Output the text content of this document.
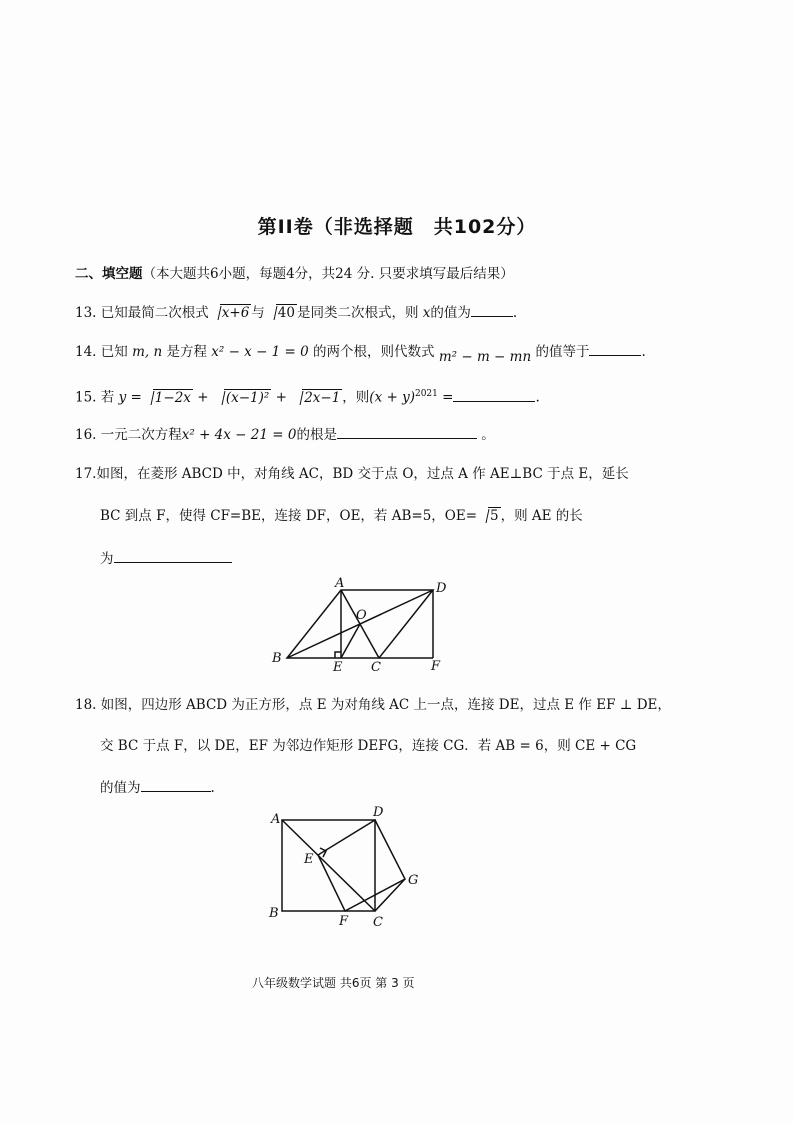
第II卷（非选择题　共102分）
二、填空题（本大题共6小题，每题4分，共24 分. 只要求填写最后结果）
13. 已知最简二次根式 x+6 与 40 是同类二次根式，则 x的值为	.
14. 已知 m, n 是方程 x² − x − 1 = 0 的两个根，则代数式 m² − m − mn 的值等于	.
15. 若 y = 1−2x + (x−1)² + 2x−1 ，则$(x + y)^{2021}$ =	.
16. 一元二次方程x² + 4x − 21 = 0的根是	。
17.如图，在菱形 ABCD 中，对角线 AC，BD 交于点 O，过点 A 作 AE⊥BC 于点 E，延长
BC 到点 F，使得 CF=BE，连接 DF，OE，若 AB=5，OE= 5 ，则 AE 的长
为
A
B
C
D
E	F
O
18. 如图，四边形 ABCD 为正方形，点 E 为对角线 AC 上一点，连接 DE，过点 E 作 EF ⊥ DE，
交 BC 于点 F，以 DE，EF 为邻边作矩形 DEFG，连接 CG．若 AB = 6，则 CE + CG
的值为	.
A
B
C
D
E
F
G
八年级数学试题 共6页 第 3 页
